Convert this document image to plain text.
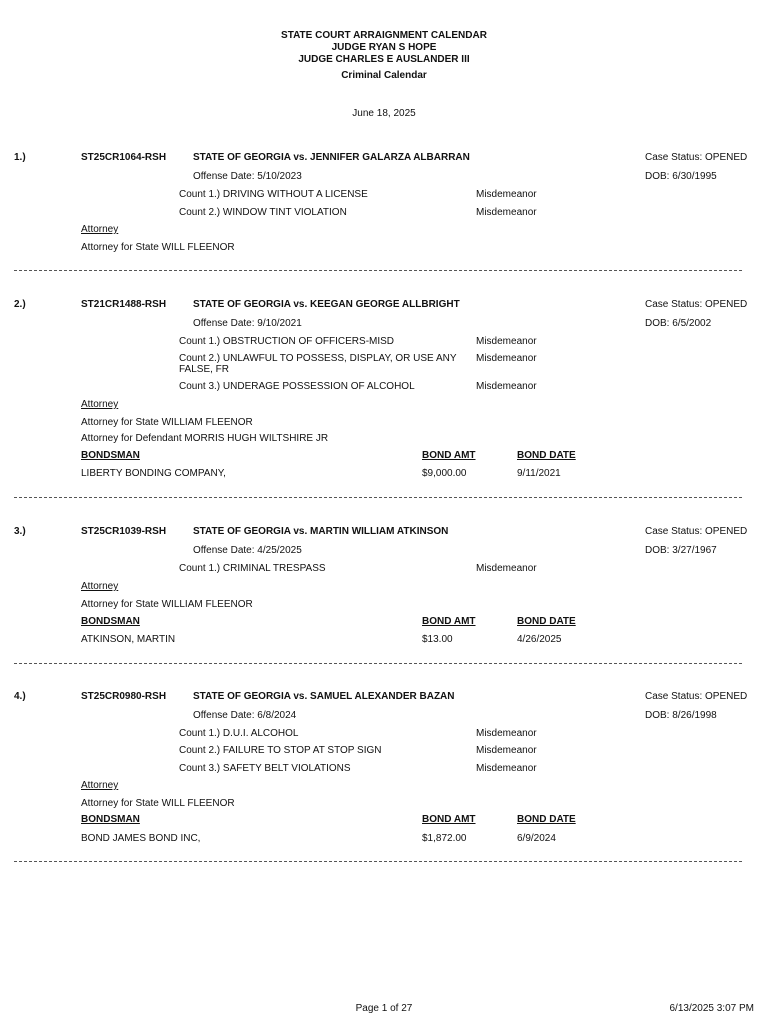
STATE COURT ARRAIGNMENT CALENDAR
JUDGE RYAN S HOPE
JUDGE CHARLES E AUSLANDER III
Criminal Calendar
June 18, 2025
1.)	ST25CR1064-RSH	STATE OF GEORGIA vs. JENNIFER GALARZA ALBARRAN	Case Status: OPENED
Offense Date: 5/10/2023	DOB: 6/30/1995
Count 1.) DRIVING WITHOUT A LICENSE	Misdemeanor
Count 2.) WINDOW TINT VIOLATION	Misdemeanor
Attorney
Attorney for State WILL FLEENOR
2.)	ST21CR1488-RSH	STATE OF GEORGIA vs. KEEGAN GEORGE ALLBRIGHT	Case Status: OPENED
Offense Date: 9/10/2021	DOB: 6/5/2002
Count 1.) OBSTRUCTION OF OFFICERS-MISD	Misdemeanor
Count 2.) UNLAWFUL TO POSSESS, DISPLAY, OR USE ANY FALSE, FR
Misdemeanor
Count 3.) UNDERAGE POSSESSION OF ALCOHOL	Misdemeanor
Attorney
Attorney for State WILLIAM FLEENOR
Attorney for Defendant MORRIS HUGH WILTSHIRE JR
BONDSMAN	BOND AMT	BOND DATE
LIBERTY BONDING COMPANY,	$9,000.00	9/11/2021
3.)	ST25CR1039-RSH	STATE OF GEORGIA vs. MARTIN WILLIAM ATKINSON	Case Status: OPENED
Offense Date: 4/25/2025	DOB: 3/27/1967
Count 1.) CRIMINAL TRESPASS	Misdemeanor
Attorney
Attorney for State WILLIAM FLEENOR
BONDSMAN	BOND AMT	BOND DATE
ATKINSON, MARTIN	$13.00	4/26/2025
4.)	ST25CR0980-RSH	STATE OF GEORGIA vs. SAMUEL ALEXANDER BAZAN	Case Status: OPENED
Offense Date: 6/8/2024	DOB: 8/26/1998
Count 1.) D.U.I. ALCOHOL	Misdemeanor
Count 2.) FAILURE TO STOP AT STOP SIGN	Misdemeanor
Count 3.) SAFETY BELT VIOLATIONS	Misdemeanor
Attorney
Attorney for State WILL FLEENOR
BONDSMAN	BOND AMT	BOND DATE
BOND JAMES BOND INC,	$1,872.00	6/9/2024
Page 1 of 27	6/13/2025 3:07 PM
